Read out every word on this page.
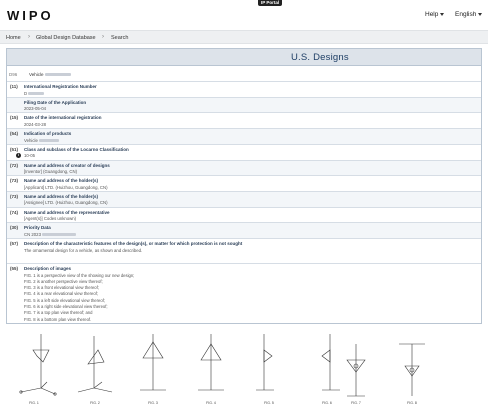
WIPO
IP Portal
Help	English
Home › Global Design Database › Search
U.S. Designs
D96	Vehicle
(11) International Registration Number
D
Filing Date of the Application
2023-05-04
(15) Date of the international registration
2024-03-28
(54) Indication of products
Vehicle
(51) Class and subclass of the Locarno Classification
i	10-05
(72) Name and address of creator of designs
[Inventor] (Guangdong, CN)
(73) Name and address of the holder(s)
[Applicant] LTD. (Huizhou, Guangdong, CN)
(73) Name and address of the holder(s)
[Assignee] LTD. (Huizhou, Guangdong, CN)
(74) Name and address of the representative
[Agent(s)] Codes unknown)
(30) Priority Data
CN 2023
(57) Description of the characteristic features of the design(s), or matter for which protection is not sought
The ornamental design for a vehicle, as shown and described.
(55) Description of images
FIG. 1 is a perspective view of the showing our new design;
FIG. 2 is another perspective view thereof;
FIG. 3 is a front elevational view thereof;
FIG. 4 is a rear elevational view thereof;
FIG. 5 is a left side elevational view thereof;
FIG. 6 is a right side elevational view thereof;
FIG. 7 is a top plan view thereof; and
FIG. 8 is a bottom plan view thereof.
FIG. 1	FIG. 2	FIG. 3	FIG. 4	FIG. 5	FIG. 6	FIG. 7	FIG. 8
